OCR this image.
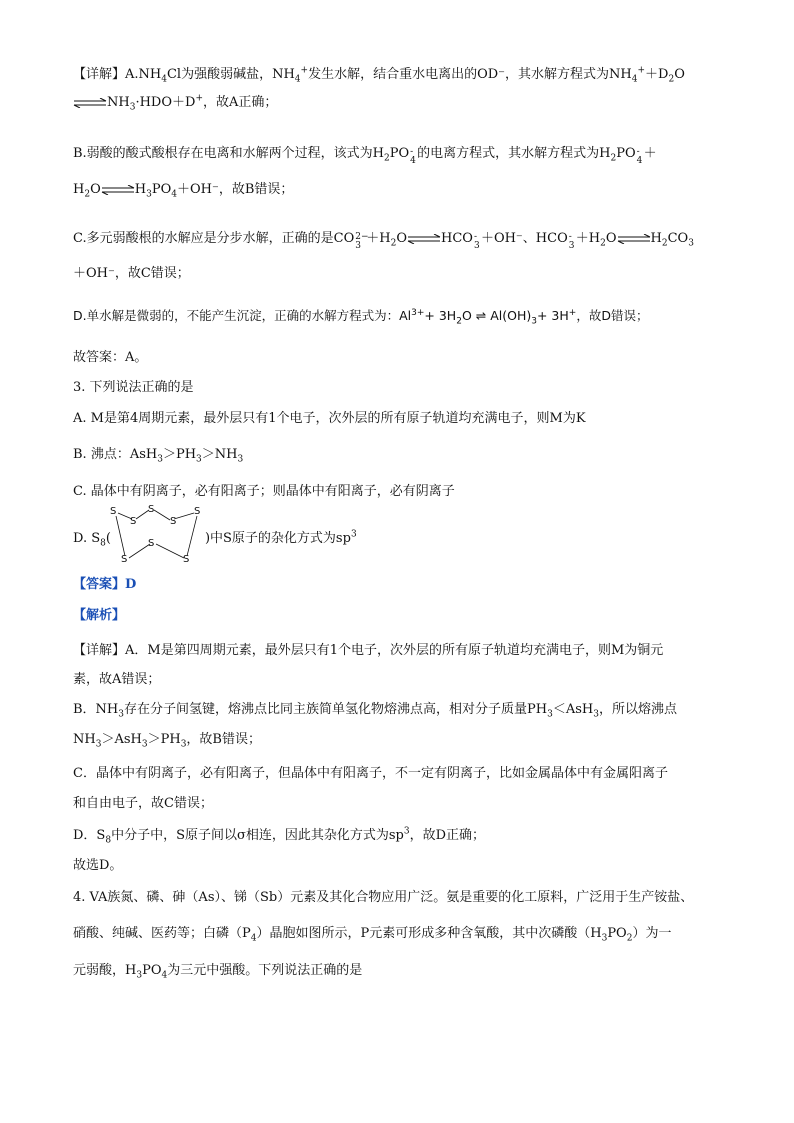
【详解】$A.NH_4Cl$为强酸弱碱盐，$NH_4^+$发生水解，结合重水电离出的OD⁻，其水解方程式为$NH_4^++D_2O$
$\rightleftharpoons NH_3\cdot HDO+D^+$，故A正确；
B.弱酸的酸式酸根存在电离和水解两个过程，该式为$H_2PO$ -
4 的电离方程式，其水解方程式为$H_2PO$ -
4 ＋
$H_2O\rightleftharpoons H_3PO_4+OH^-$，故B错误；
C.多元弱酸根的水解应是分步水解，正确的是CO 2−
$3 +H_2O\rightleftharpoons HCO$ -
3 ＋OH⁻、HCO -
$3 +H_2O\rightleftharpoons H_2CO_3$
＋OH⁻，故C错误；
D.单水解是微弱的，不能产生沉淀，正确的水解方程式为：$Al^{3+}+ 3H_2O$ ⇌ $Al(OH)_3+ 3H^+$，故D错误；
故答案：A。
3. 下列说法正确的是
A. M是第4周期元素，最外层只有1个电子，次外层的所有原子轨道均充满电子，则M为K
B. 沸点：$AsH_3>PH_3>NH_3$
C. 晶体中有阴离子，必有阳离子；则晶体中有阳离子，必有阴离子
D. $S_8$(	)中S原子的杂化方式为$sp^3$
S
S
S
S
S
S
S	S
【答案】D
【解析】
【详解】A．M是第四周期元素，最外层只有1个电子，次外层的所有原子轨道均充满电子，则M为铜元
素，故A错误；
B．$NH_3$存在分子间氢键，熔沸点比同主族简单氢化物熔沸点高，相对分子质量$PH_3<AsH_3$，所以熔沸点
$NH_3>AsH_3>PH_3$，故B错误；
C．晶体中有阴离子，必有阳离子，但晶体中有阳离子，不一定有阴离子，比如金属晶体中有金属阳离子
和自由电子，故C错误；
D．$S_8$中分子中，S原子间以σ相连，因此其杂化方式为$sp^3$，故D正确；
故选D。
4. VA族氮、磷、砷（As）、锑（Sb）元素及其化合物应用广泛。氨是重要的化工原料，广泛用于生产铵盐、
硝酸、纯碱、医药等；白磷$(P_4)$晶胞如图所示，P元素可形成多种含氧酸，其中次磷酸$(H_3PO_2)$为一
元弱酸，$H_3PO_4$为三元中强酸。下列说法正确的是
